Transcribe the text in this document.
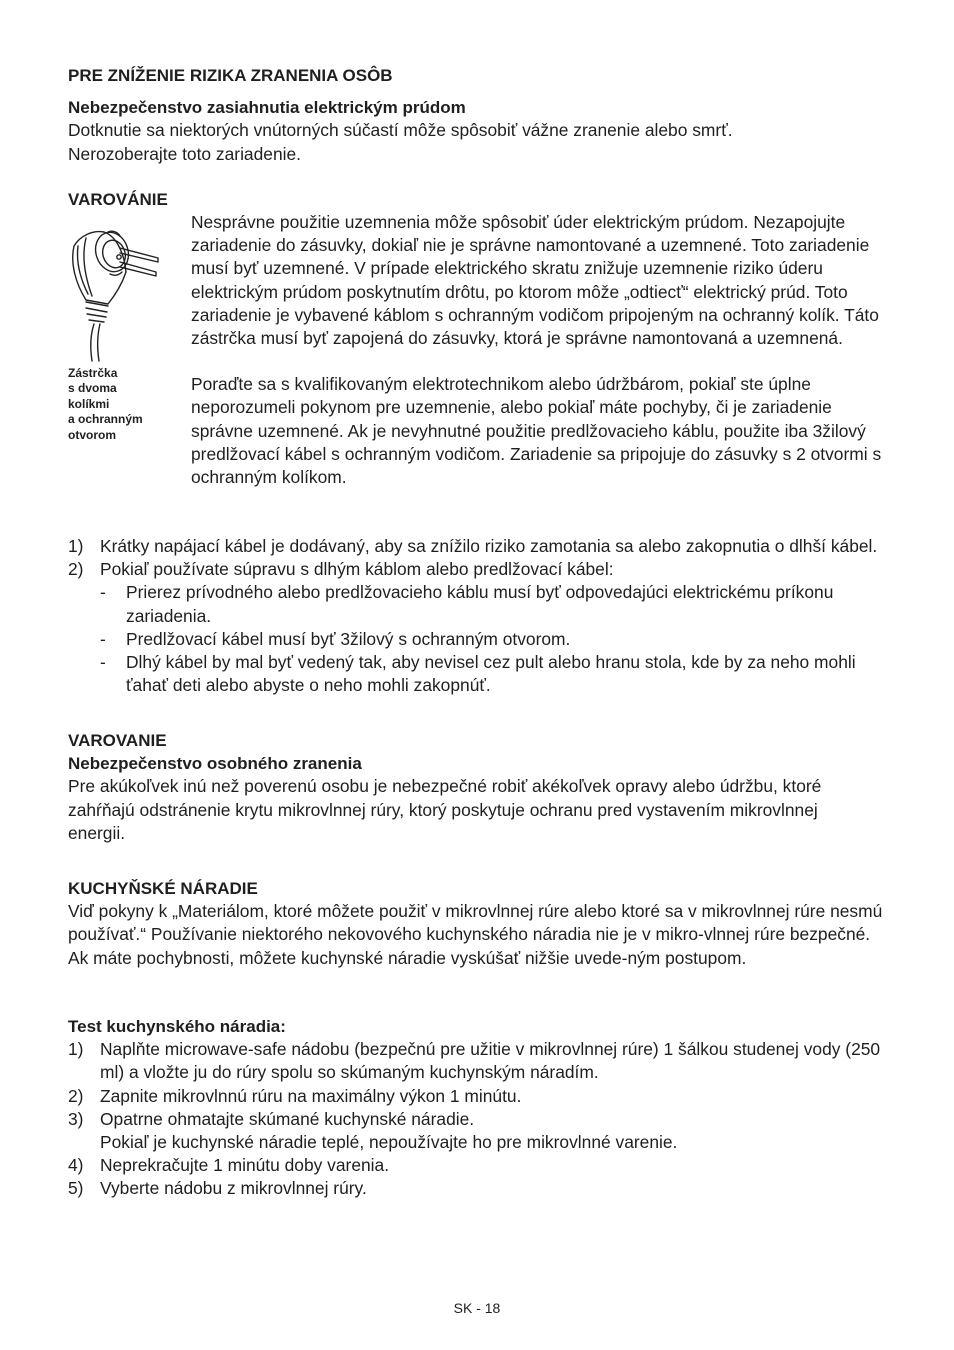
PRE ZNÍŽENIE RIZIKA ZRANENIA OSÔB

Nebezpečenstvo zasiahnutia elektrickým prúdom

Dotknutie sa niektorých vnútorných súčastí môže spôsobiť vážne zranenie alebo smrť. Nerozoberajte toto zariadenie.

VAROVÁNIE

Zástrčka
s dvoma
kolíkmi
a ochranným
otvorom

Nesprávne použitie uzemnenia môže spôsobiť úder elektrickým prúdom. Nezapojujte zariadenie do zásuvky, dokiaľ nie je správne namontované a uzemnené. Toto zariadenie musí byť uzemnené. V prípade elektrického skratu znižuje uzemnenie riziko úderu elektrickým prúdom poskytnutím drôtu, po ktorom môže „odtiecť“ elektrický prúd. Toto zariadenie je vybavené káblom s ochranným vodičom pripojeným na ochranný kolík. Táto zástrčka musí byť zapojená do zásuvky, ktorá je správne namontovaná a uzemnená.

Poraďte sa s kvalifikovaným elektrotechnikom alebo údržbárom, pokiaľ ste úplne neporozumeli pokynom pre uzemnenie, alebo pokiaľ máte pochyby, či je zariadenie správne uzemnené. Ak je nevyhnutné použitie predlžovacieho káblu, použite iba 3žilový predlžovací kábel s ochranným vodičom. Zariadenie sa pripojuje do zásuvky s 2 otvormi s ochranným kolíkom.

1) Krátky napájací kábel je dodávaný, aby sa znížilo riziko zamotania sa alebo zakopnutia o dlhší kábel.
2) Pokiaľ používate súpravu s dlhým káblom alebo predlžovací kábel:
- Prierez prívodného alebo predlžovacieho káblu musí byť odpovedajúci elektrickému príkonu zariadenia.
- Predlžovací kábel musí byť 3žilový s ochranným otvorom.
- Dlhý kábel by mal byť vedený tak, aby nevisel cez pult alebo hranu stola, kde by za neho mohli ťahať deti alebo abyste o neho mohli zakopnúť.

VAROVANIE

Nebezpečenstvo osobného zranenia

Pre akúkoľvek inú než poverenú osobu je nebezpečné robiť akékoľvek opravy alebo údržbu, ktoré zahŕňajú odstránenie krytu mikrovlnnej rúry, ktorý poskytuje ochranu pred vystavením mikrovlnnej energii.

KUCHYŇSKÉ NÁRADIE

Viď pokyny k „Materiálom, ktoré môžete použiť v mikrovlnnej rúre alebo ktoré sa v mikrovlnnej rúre nesmú používať.“ Používanie niektorého nekovového kuchynského náradia nie je v mikro-vlnnej rúre bezpečné. Ak máte pochybnosti, môžete kuchynské náradie vyskúšať nižšie uvede-ným postupom.

Test kuchynského náradia:

1) Naplňte microwave-safe nádobu (bezpečnú pre užitie v mikrovlnnej rúre) 1 šálkou studenej vody (250 ml) a vložte ju do rúry spolu so skúmaným kuchynským náradím.
2) Zapnite mikrovlnnú rúru na maximálny výkon 1 minútu.
3) Opatrne ohmatajte skúmané kuchynské náradie.
Pokiaľ je kuchynské náradie teplé, nepoužívajte ho pre mikrovlnné varenie.
4) Neprekračujte 1 minútu doby varenia.
5) Vyberte nádobu z mikrovlnnej rúry.
SK - 18
